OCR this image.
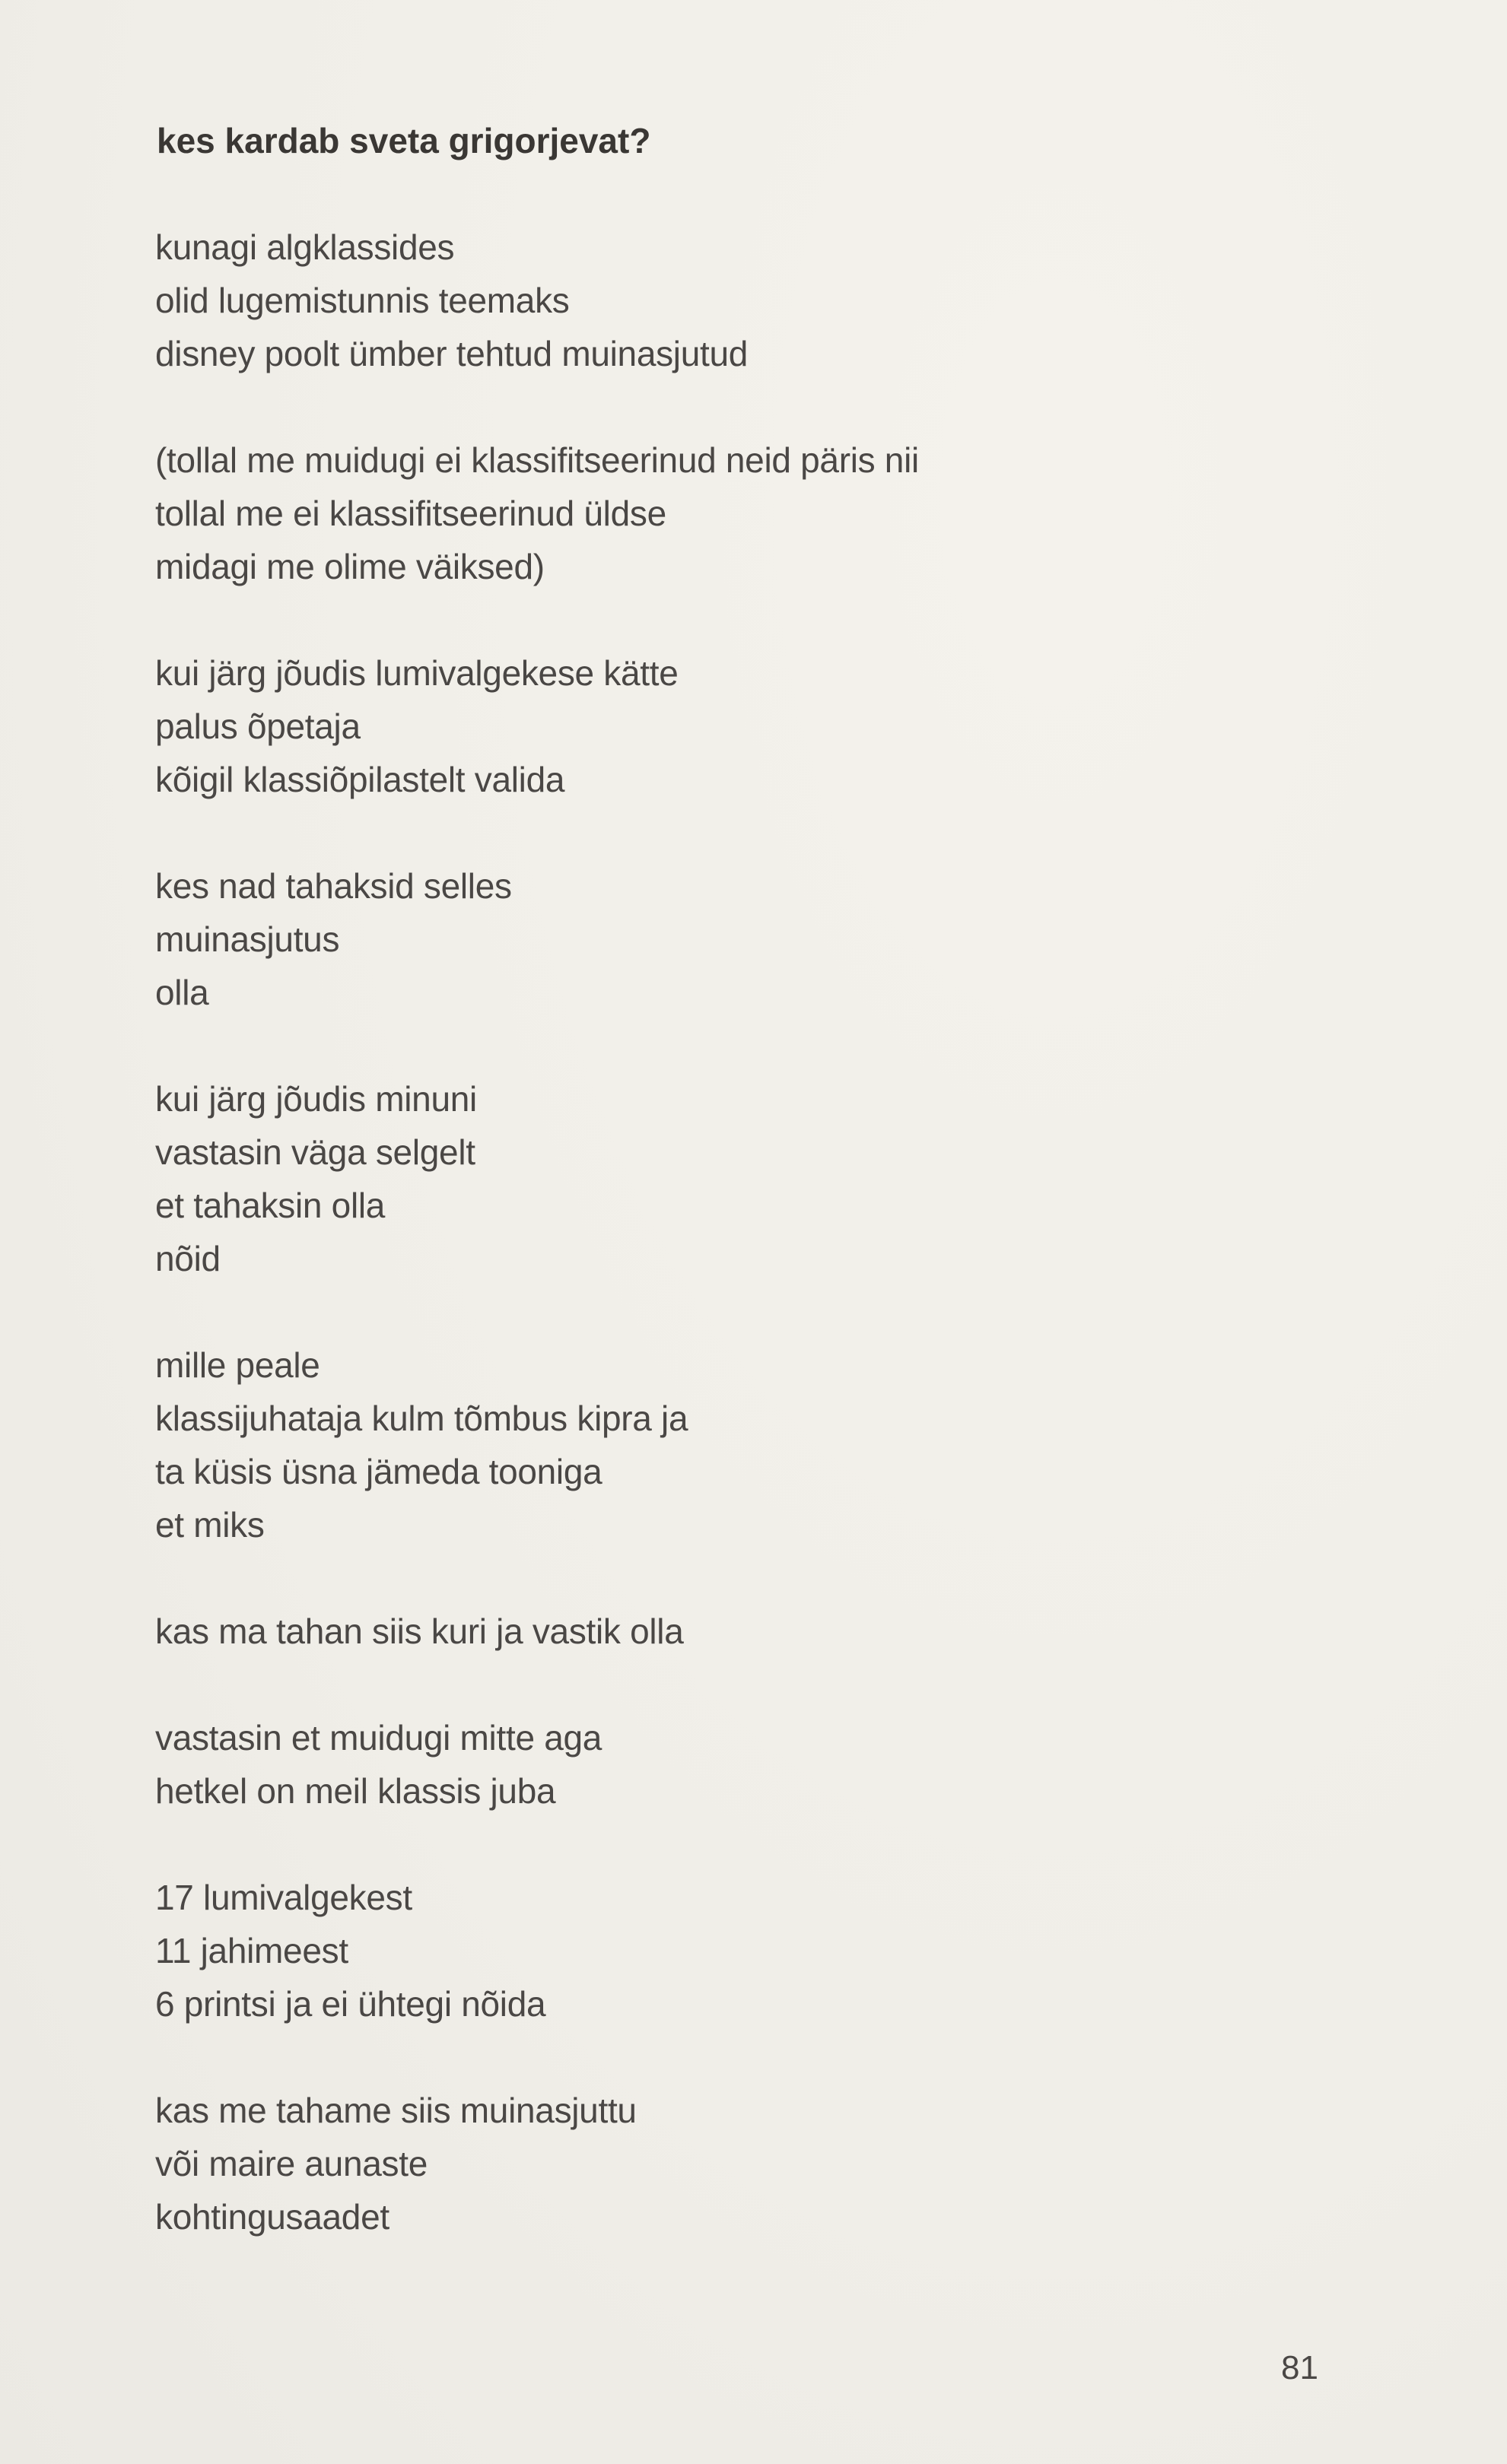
kes kardab sveta grigorjevat?
kunagi algklassides
olid lugemistunnis teemaks
disney poolt ümber tehtud muinasjutud
(tollal me muidugi ei klassifitseerinud neid päris nii
tollal me ei klassifitseerinud üldse
midagi me olime väiksed)
kui järg jõudis lumivalgekese kätte
palus õpetaja
kõigil klassiõpilastelt valida
kes nad tahaksid selles
muinasjutus
olla
kui järg jõudis minuni
vastasin väga selgelt
et tahaksin olla
nõid
mille peale
klassijuhataja kulm tõmbus kipra ja
ta küsis üsna jämeda tooniga
et miks
kas ma tahan siis kuri ja vastik olla
vastasin et muidugi mitte aga
hetkel on meil klassis juba
17 lumivalgekest
11 jahimeest
6 printsi ja ei ühtegi nõida
kas me tahame siis muinasjuttu
või maire aunaste
kohtingusaadet
81
